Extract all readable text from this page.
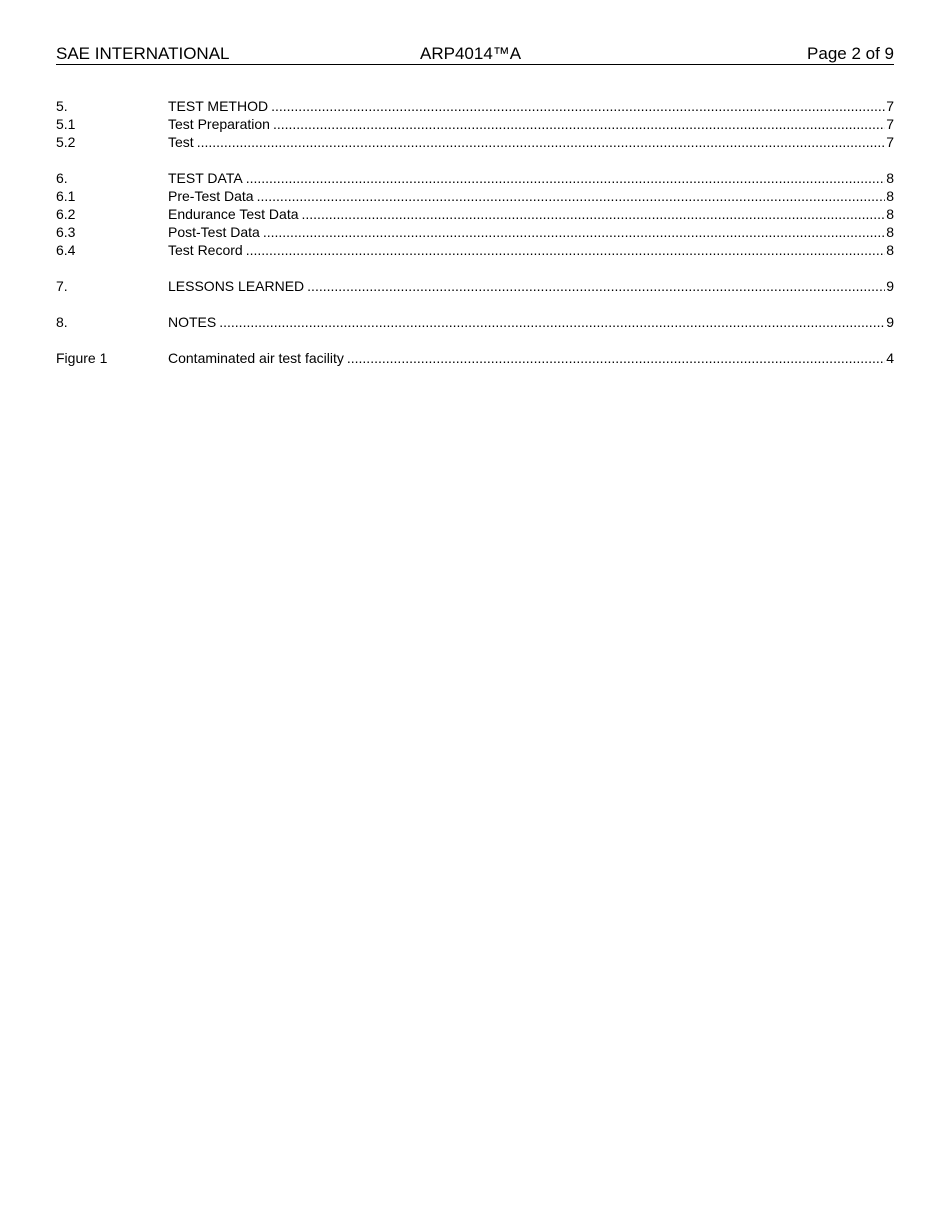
SAE INTERNATIONAL	ARP4014™A	Page 2 of 9
5.	TEST METHOD .....	7
5.1	Test Preparation .....	7
5.2	Test .....	7
6.	TEST DATA .....	8
6.1	Pre-Test Data .....	8
6.2	Endurance Test Data .....	8
6.3	Post-Test Data .....	8
6.4	Test Record .....	8
7.	LESSONS LEARNED .....	9
8.	NOTES .....	9
Figure 1	Contaminated air test facility .....	4
